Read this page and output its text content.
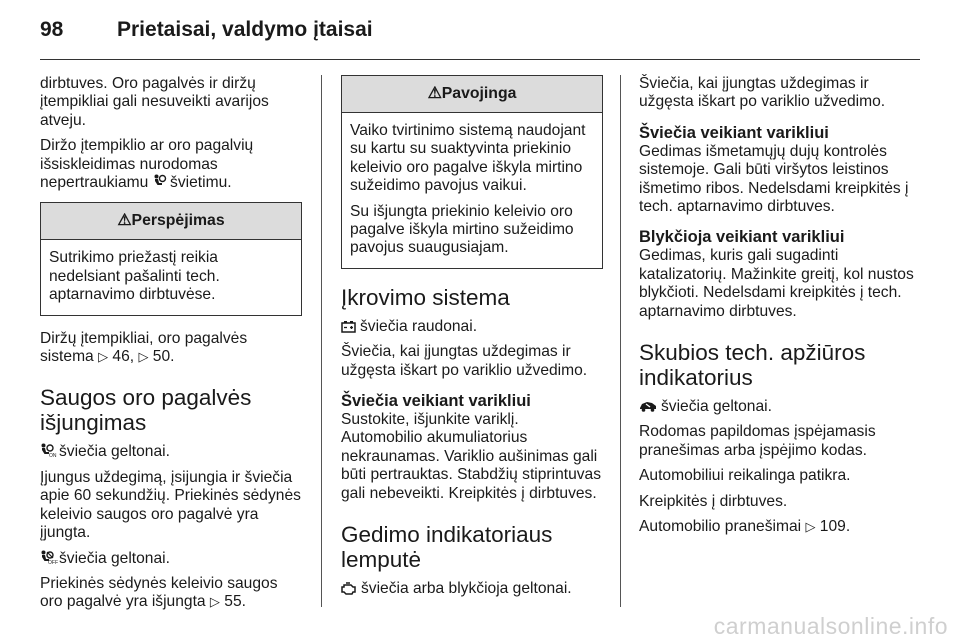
98	Prietaisai, valdymo įtaisai

dirbtuves. Oro pagalvės ir diržų įtempikliai gali nesuveikti avarijos atveju.

Diržo įtempiklio ar oro pagalvių išsiskleidimas nurodomas nepertraukiamu švietimu.

⚠Perspėjimas

Sutrikimo priežastį reikia nedelsiant pašalinti tech. aptarnavimo dirbtuvėse.

Diržų įtempikliai, oro pagalvės sistema ▷ 46, ▷ 50.

Saugos oro pagalvės išjungimas

ON šviečia geltonai.

Įjungus uždegimą, įsijungia ir šviečia apie 60 sekundžių. Priekinės sėdynės keleivio saugos oro pagalvė yra įjungta.

OFF šviečia geltonai.

Priekinės sėdynės keleivio saugos oro pagalvė yra išjungta ▷ 55.

⚠Pavojinga

Vaiko tvirtinimo sistemą naudojant su kartu su suaktyvinta priekinio keleivio oro pagalve iškyla mirtino sužeidimo pavojus vaikui.

Su išjungta priekinio keleivio oro pagalve iškyla mirtino sužeidimo pavojus suaugusiajam.

Įkrovimo sistema

šviečia raudonai.

Šviečia, kai įjungtas uždegimas ir užgęsta iškart po variklio užvedimo.

Šviečia veikiant varikliui

Sustokite, išjunkite variklį. Automobilio akumuliatorius nekraunamas. Variklio aušinimas gali būti pertrauktas. Stabdžių stiprintuvas gali nebeveikti. Kreipkitės į dirbtuves.

Gedimo indikatoriaus lemputė

šviečia arba blykčioja geltonai.

Šviečia, kai įjungtas uždegimas ir užgęsta iškart po variklio užvedimo.

Šviečia veikiant varikliui

Gedimas išmetamųjų dujų kontrolės sistemoje. Gali būti viršytos leistinos išmetimo ribos. Nedelsdami kreipkitės į tech. aptarnavimo dirbtuves.

Blykčioja veikiant varikliui

Gedimas, kuris gali sugadinti katalizatorių. Mažinkite greitį, kol nustos blykčioti. Nedelsdami kreipkitės į tech. aptarnavimo dirbtuves.

Skubios tech. apžiūros indikatorius

šviečia geltonai.

Rodomas papildomas įspėjamasis pranešimas arba įspėjimo kodas.

Automobiliui reikalinga patikra.

Kreipkitės į dirbtuves.

Automobilio pranešimai ▷ 109.

carmanualsonline.info
